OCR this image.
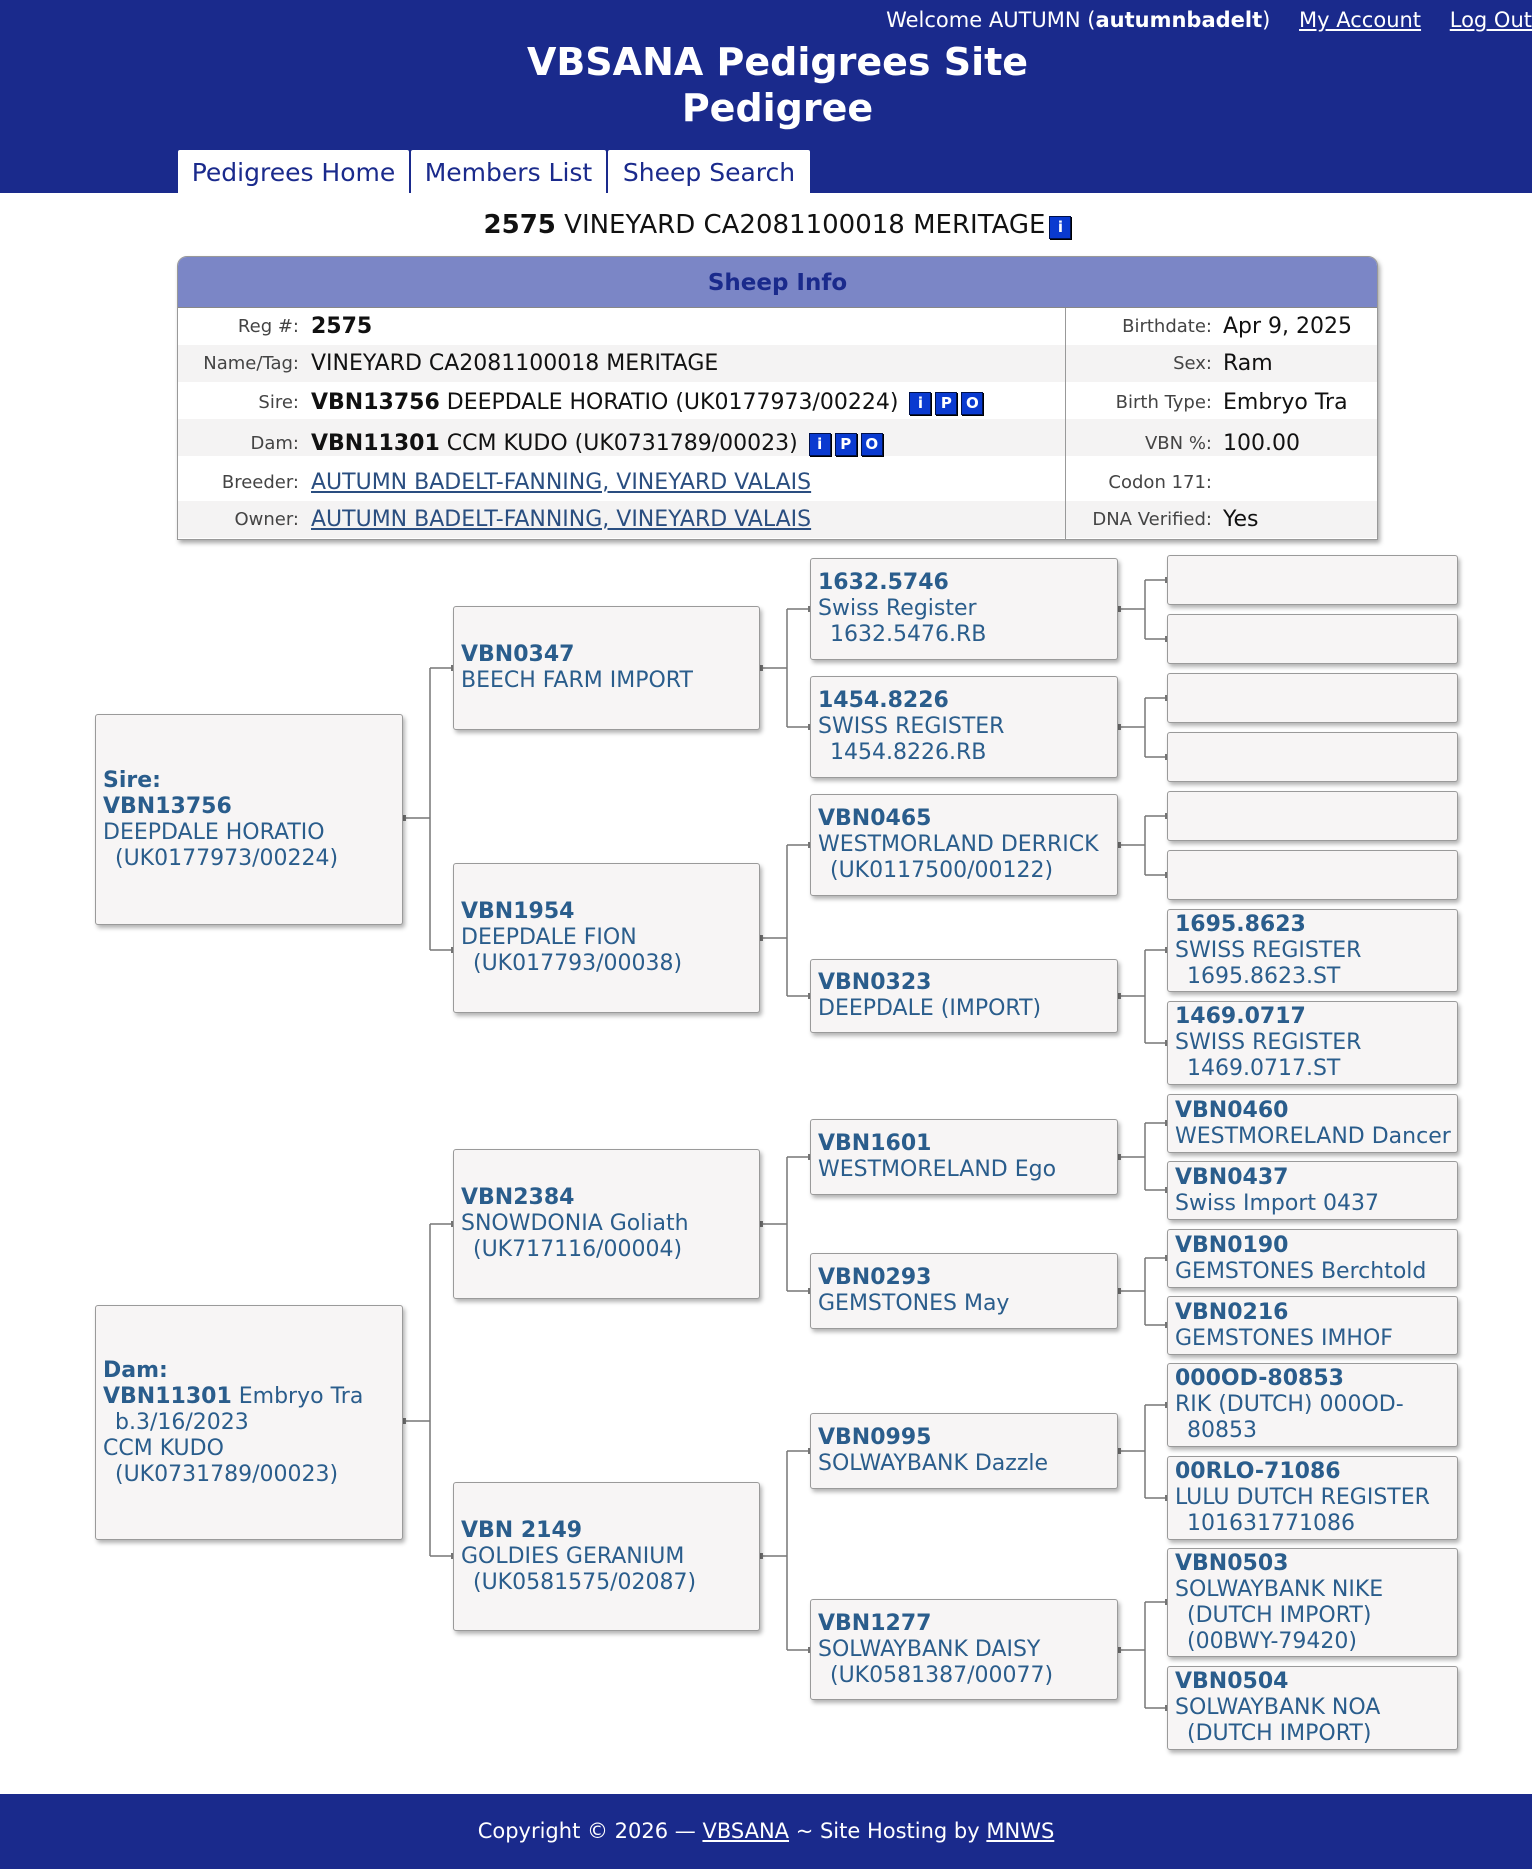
Welcome AUTUMN (autumnbadelt) My Account Log Out
VBSANA Pedigrees Site
Pedigree
Pedigrees Home	Members List	Sheep Search
2575 VINEYARD CA2081100018 MERITAGE i
Sheep Info
Reg #: 2575	Birthdate: Apr 9, 2025
Name/Tag: VINEYARD CA2081100018 MERITAGE	Sex: Ram
Sire: VBN13756 DEEPDALE HORATIO (UK0177973/00224) i P O	Birth Type: Embryo Tra
Dam: VBN11301 CCM KUDO (UK0731789/00023) i P O	VBN %: 100.00
Breeder: AUTUMN BADELT-FANNING, VINEYARD VALAIS	Codon 171:
Owner: AUTUMN BADELT-FANNING, VINEYARD VALAIS	DNA Verified: Yes
Sire:
VBN13756
DEEPDALE HORATIO
(UK0177973/00224)
Dam:
VBN11301 Embryo Tra
b.3/16/2023
CCM KUDO
(UK0731789/00023)
VBN0347
BEECH FARM IMPORT
VBN1954
DEEPDALE FION
(UK017793/00038)
VBN2384
SNOWDONIA Goliath
(UK717116/00004)
VBN 2149
GOLDIES GERANIUM
(UK0581575/02087)
1632.5746
Swiss Register
1632.5476.RB
1454.8226
SWISS REGISTER
1454.8226.RB
VBN0465
WESTMORLAND DERRICK
(UK0117500/00122)
VBN0323
DEEPDALE (IMPORT)
VBN1601
WESTMORELAND Ego
VBN0293
GEMSTONES May
VBN0995
SOLWAYBANK Dazzle
VBN1277
SOLWAYBANK DAISY
(UK0581387/00077)
1695.8623
SWISS REGISTER
1695.8623.ST
1469.0717
SWISS REGISTER
1469.0717.ST
VBN0460
WESTMORELAND Dancer
VBN0437
Swiss Import 0437
VBN0190
GEMSTONES Berchtold
VBN0216
GEMSTONES IMHOF
000OD-80853
RIK (DUTCH) 000OD-
80853
00RLO-71086
LULU DUTCH REGISTER
101631771086
VBN0503
SOLWAYBANK NIKE
(DUTCH IMPORT)
(00BWY-79420)
VBN0504
SOLWAYBANK NOA
(DUTCH IMPORT)
Copyright © 2026 — VBSANA ~ Site Hosting by MNWS
